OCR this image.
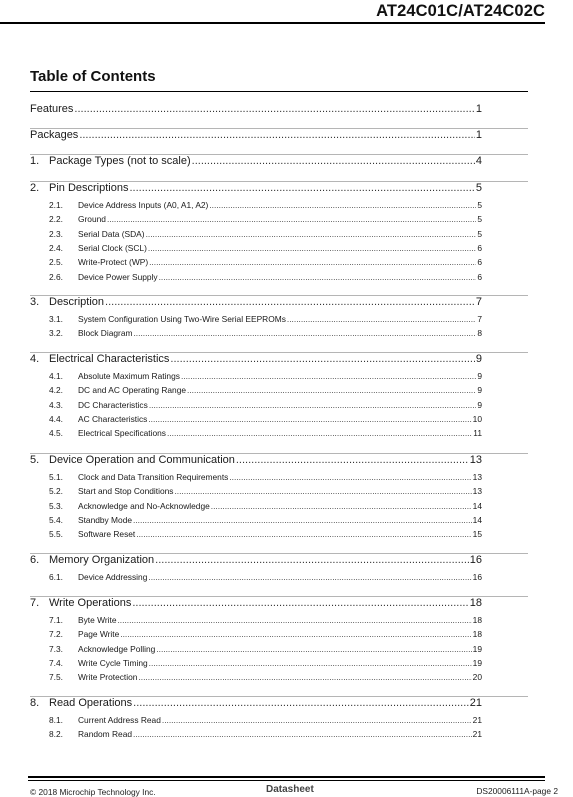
AT24C01C/AT24C02C
Table of Contents
Features .....	1
Packages .....	1
1. Package Types (not to scale) .....	4
2. Pin Descriptions .....	5
2.1.	Device Address Inputs (A0, A1, A2) .....	5
2.2.	Ground .....	5
2.3.	Serial Data (SDA) .....	5
2.4.	Serial Clock (SCL) .....	6
2.5.	Write-Protect (WP) .....	6
2.6.	Device Power Supply .....	6
3. Description .....	7
3.1.	System Configuration Using Two-Wire Serial EEPROMs .....	7
3.2.	Block Diagram .....	8
4. Electrical Characteristics .....	9
4.1.	Absolute Maximum Ratings .....	9
4.2.	DC and AC Operating Range .....	9
4.3.	DC Characteristics .....	9
4.4.	AC Characteristics .....	10
4.5.	Electrical Specifications .....	11
5. Device Operation and Communication .....	13
5.1.	Clock and Data Transition Requirements .....	13
5.2.	Start and Stop Conditions .....	13
5.3.	Acknowledge and No-Acknowledge .....	14
5.4.	Standby Mode .....	14
5.5.	Software Reset .....	15
6. Memory Organization .....	16
6.1.	Device Addressing .....	16
7. Write Operations .....	18
7.1.	Byte Write .....	18
7.2.	Page Write .....	18
7.3.	Acknowledge Polling .....	19
7.4.	Write Cycle Timing .....	19
7.5.	Write Protection .....	20
8. Read Operations .....	21
8.1.	Current Address Read .....	21
8.2.	Random Read .....	21
© 2018 Microchip Technology Inc.	Datasheet	DS20006111A-page 2
